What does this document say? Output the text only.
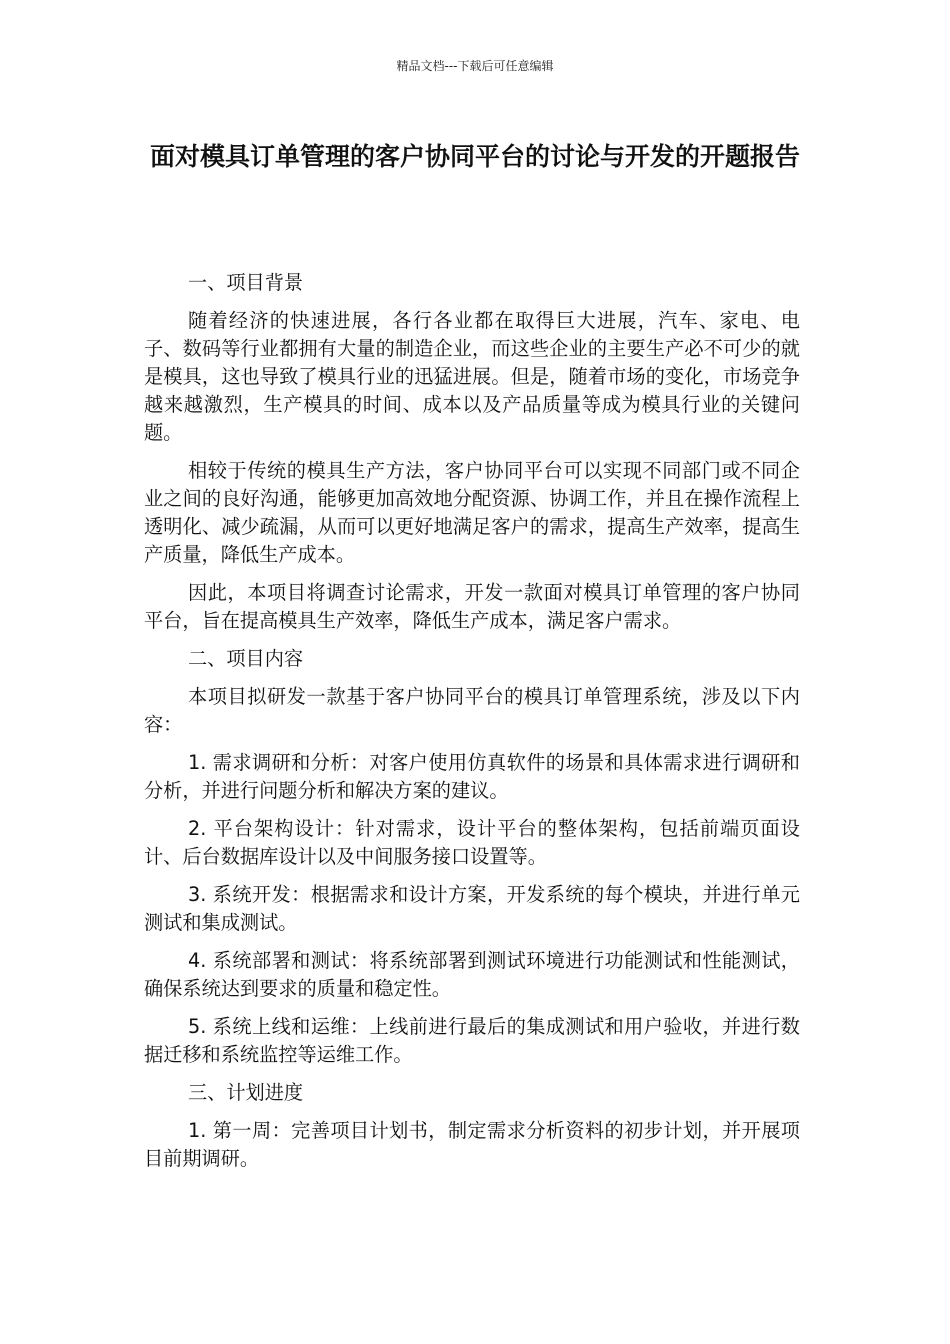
精品文档---下载后可任意编辑
面对模具订单管理的客户协同平台的讨论与开发的开题报告

一、项目背景

随着经济的快速进展，各行各业都在取得巨大进展，汽车、家电、电子、数码等行业都拥有大量的制造企业，而这些企业的主要生产必不可少的就是模具，这也导致了模具行业的迅猛进展。但是，随着市场的变化，市场竞争越来越激烈，生产模具的时间、成本以及产品质量等成为模具行业的关键问题。

相较于传统的模具生产方法，客户协同平台可以实现不同部门或不同企业之间的良好沟通，能够更加高效地分配资源、协调工作，并且在操作流程上透明化、减少疏漏，从而可以更好地满足客户的需求，提高生产效率，提高生产质量，降低生产成本。

因此，本项目将调查讨论需求，开发一款面对模具订单管理的客户协同平台，旨在提高模具生产效率，降低生产成本，满足客户需求。

二、项目内容

本项目拟研发一款基于客户协同平台的模具订单管理系统，涉及以下内容：

1. 需求调研和分析：对客户使用仿真软件的场景和具体需求进行调研和分析，并进行问题分析和解决方案的建议。

2. 平台架构设计：针对需求，设计平台的整体架构，包括前端页面设计、后台数据库设计以及中间服务接口设置等。

3. 系统开发：根据需求和设计方案，开发系统的每个模块，并进行单元测试和集成测试。

4. 系统部署和测试：将系统部署到测试环境进行功能测试和性能测试，确保系统达到要求的质量和稳定性。

5. 系统上线和运维：上线前进行最后的集成测试和用户验收，并进行数据迁移和系统监控等运维工作。

三、计划进度

1. 第一周：完善项目计划书，制定需求分析资料的初步计划，并开展项目前期调研。
